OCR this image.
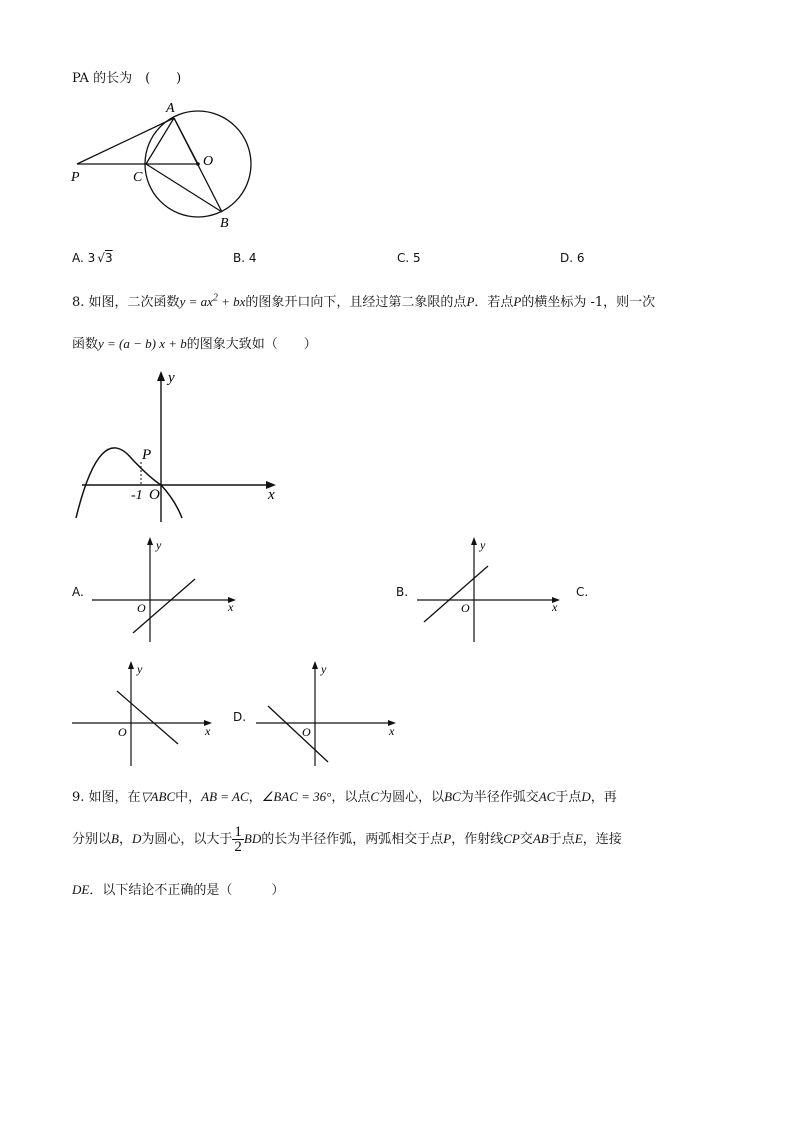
PA 的长为　(　　)
A
O
P	C
B
A. 3 √3	B. 4	C. 5	D. 6
8. 如图，二次函数$y = ax^2$ + bx的图象开口向下，且经过第二象限的点P．若点P的横坐标为 -1，则一次
函数y = (a − b) x + b的图象大致如（　　）
y
x
P
-1 O
A.
y
x
O
B.
y
x
O
C.
y
x
O
D.
y
x
O
9. 如图，在▽ABC中，AB = AC，∠BAC = 36°，以点C为圆心，以BC为半径作弧交AC于点D，再
分别以B，D为圆心，以大于 $\frac{1}{2}$ BD的长为半径作弧，两弧相交于点P，作射线CP交AB于点E，连接
DE．以下结论不正确的是（　　　）
